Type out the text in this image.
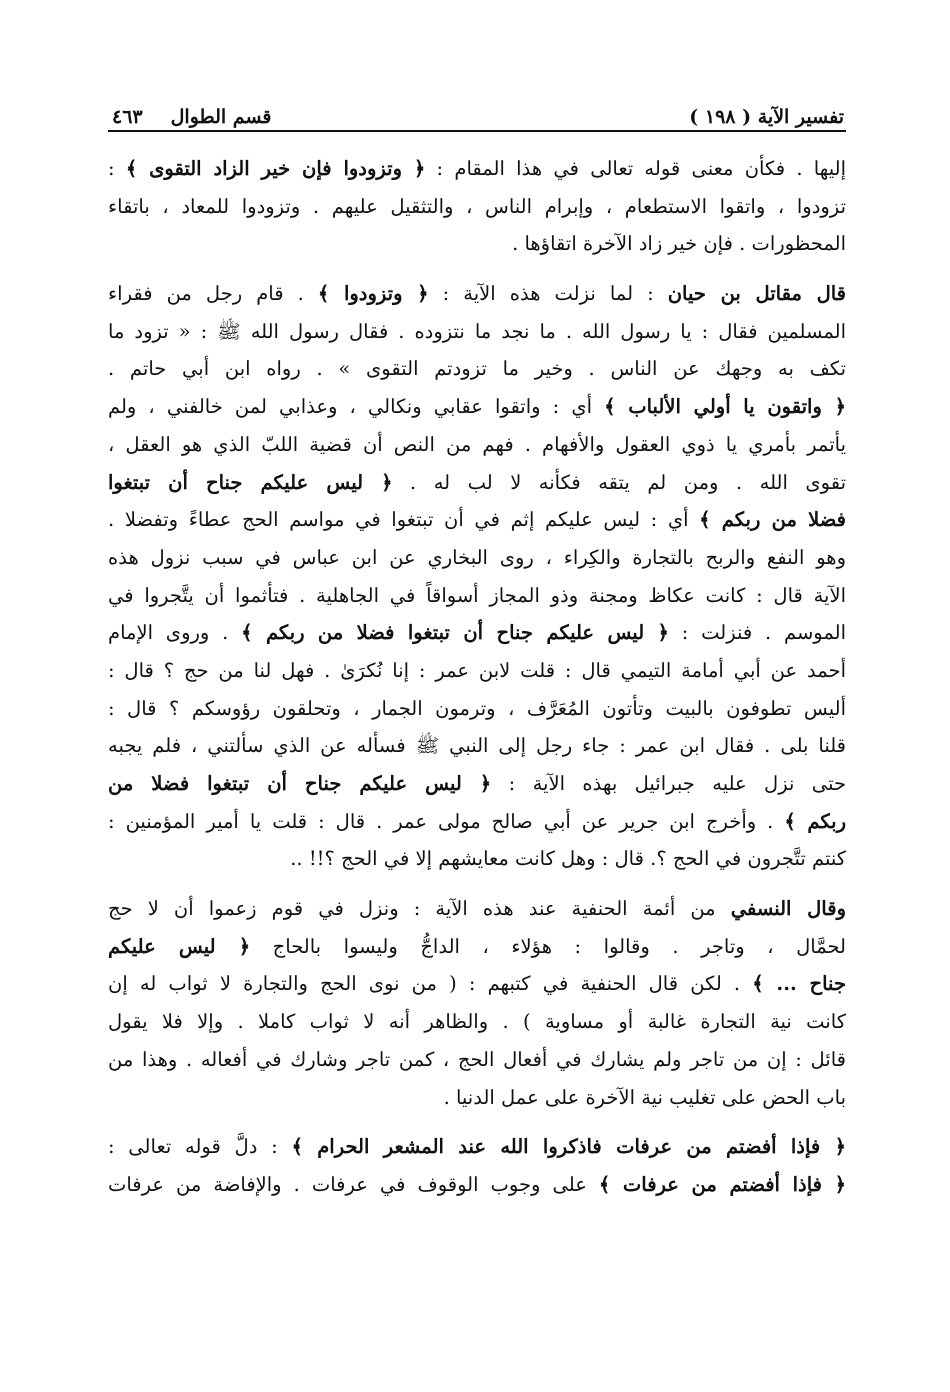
تفسير الآية ( ١٩٨ )
قسم الطوال
٤٦٣
إليها . فكأن معنى قوله تعالى في هذا المقام : ﴿ وتزودوا فإن خير الزاد التقوى ﴾ :
تزودوا ، واتقوا الاستطعام ، وإبرام الناس ، والتثقيل عليهم . وتزودوا للمعاد ، باتقاء
المحظورات . فإن خير زاد الآخرة اتقاؤها .
قال مقاتل بن حيان : لما نزلت هذه الآية : ﴿ وتزودوا ﴾ . قام رجل من فقراء
المسلمين فقال : يا رسول الله . ما نجد ما نتزوده . فقال رسول الله ﷺ : « تزود ما
تكف به وجهك عن الناس . وخير ما تزودتم التقوى » . رواه ابن أبي حاتم .
﴿ واتقون يا أولي الألباب ﴾ أي : واتقوا عقابي ونكالي ، وعذابي لمن خالفني ، ولم
يأتمر بأمري يا ذوي العقول والأفهام . فهم من النص أن قضية اللبّ الذي هو العقل ،
تقوى الله . ومن لم يتقه فكأنه لا لب له . ﴿ ليس عليكم جناح أن تبتغوا
فضلا من ربكم ﴾ أي : ليس عليكم إثم في أن تبتغوا في مواسم الحج عطاءً وتفضلا .
وهو النفع والربح بالتجارة والكِراء ، روى البخاري عن ابن عباس في سبب نزول هذه
الآية قال : كانت عكاظ ومجنة وذو المجاز أسواقاً في الجاهلية . فتأثموا أن يتَّجروا في
الموسم . فنزلت : ﴿ ليس عليكم جناح أن تبتغوا فضلا من ربكم ﴾ . وروى الإمام
أحمد عن أبي أمامة التيمي قال : قلت لابن عمر : إنا نُكرَىٰ . فهل لنا من حج ؟ قال :
أليس تطوفون بالبيت وتأتون المُعَرَّف ، وترمون الجمار ، وتحلقون رؤوسكم ؟ قال :
قلنا بلى . فقال ابن عمر : جاء رجل إلى النبي ﷺ فسأله عن الذي سألتني ، فلم يجبه
حتى نزل عليه جبرائيل بهذه الآية : ﴿ ليس عليكم جناح أن تبتغوا فضلا من
ربكم ﴾ . وأخرج ابن جرير عن أبي صالح مولى عمر . قال : قلت يا أمير المؤمنين :
كنتم تتَّجرون في الحج ؟. قال : وهل كانت معايشهم إلا في الحج ؟!! ..
وقال النسفي من أئمة الحنفية عند هذه الآية : ونزل في قوم زعموا أن لا حج
لحمَّال ، وتاجر . وقالوا : هؤلاء ، الداجُّ وليسوا بالحاج ﴿ ليس عليكم
جناح ... ﴾ . لكن قال الحنفية في كتبهم : ( من نوى الحج والتجارة لا ثواب له إن
كانت نية التجارة غالبة أو مساوية ) . والظاهر أنه لا ثواب كاملا . وإلا فلا يقول
قائل : إن من تاجر ولم يشارك في أفعال الحج ، كمن تاجر وشارك في أفعاله . وهذا من
باب الحض على تغليب نية الآخرة على عمل الدنيا .
﴿ فإذا أفضتم من عرفات فاذكروا الله عند المشعر الحرام ﴾ : دلَّ قوله تعالى :
﴿ فإذا أفضتم من عرفات ﴾ على وجوب الوقوف في عرفات . والإفاضة من عرفات
